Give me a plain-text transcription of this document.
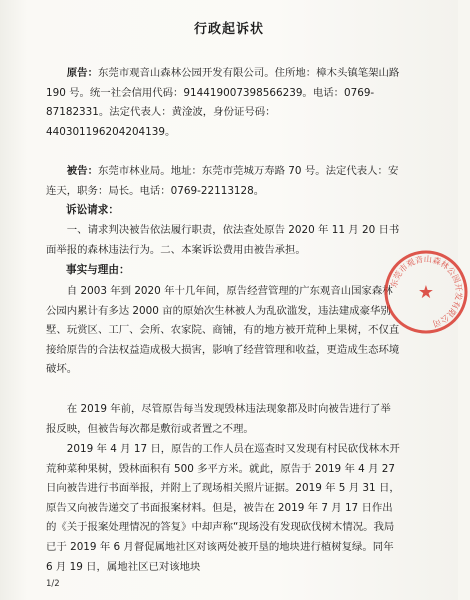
行政起诉状
原告：东莞市观音山森林公园开发有限公司。住所地：樟木头镇笔架山路 190 号。统一社会信用代码：91441900739856623​9。电话：0769-87182331。法定代表人：黄淦波，身份证号码：440301196204204139。
被告：东莞市林业局。地址：东莞市莞城万寿路 70 号。法定代表人：安连天，职务：局长。电话：0769-22113128。
诉讼请求：
一、请求判决被告依法履行职责，依法查处原告 2020 年 11 月 20 日书面举报的森林违法行为。二、本案诉讼费用由被告承担。
事实与理由：
自 2003 年到 2020 年十几年间，原告经营管理的广东观音山国家森林公园内累计有多达 2000 亩的原始次生林被人为乱砍滥发，违法建成豪华别墅、玩赏区、工厂、会所、农家院、商铺，有的地方被开荒种上果树，不仅直接给原告的合法权益造成极大损害，影响了经营管理和收益，更造成生态环境破坏。
在 2019 年前，尽管原告每当发现毁林违法现象都及时向被告进行了举报反映，但被告每次都是敷衍或者置之不理。
2019 年 4 月 17 日，原告的工作人员在巡查时又发现有村民砍伐林木开荒种菜种果树，毁林面积有 500 多平方米。就此，原告于 2019 年 4 月 27 日向被告进行书面举报，并附上了现场相关照片证据。2019 年 5 月 31 日，原告又向被告递交了书面报案材料。但是，被告在 2019 年 7 月 17 日作出的《关于报案处理情况的答复》中却声称“现场没有发现砍伐树木情况。我局已于 2019 年 6 月督促属地社区对该两处被开垦的地块进行植树复绿。同年 6 月 19 日，属地社区已对该地块
1/2
东莞市观音山森林公园开发有限公司
★
